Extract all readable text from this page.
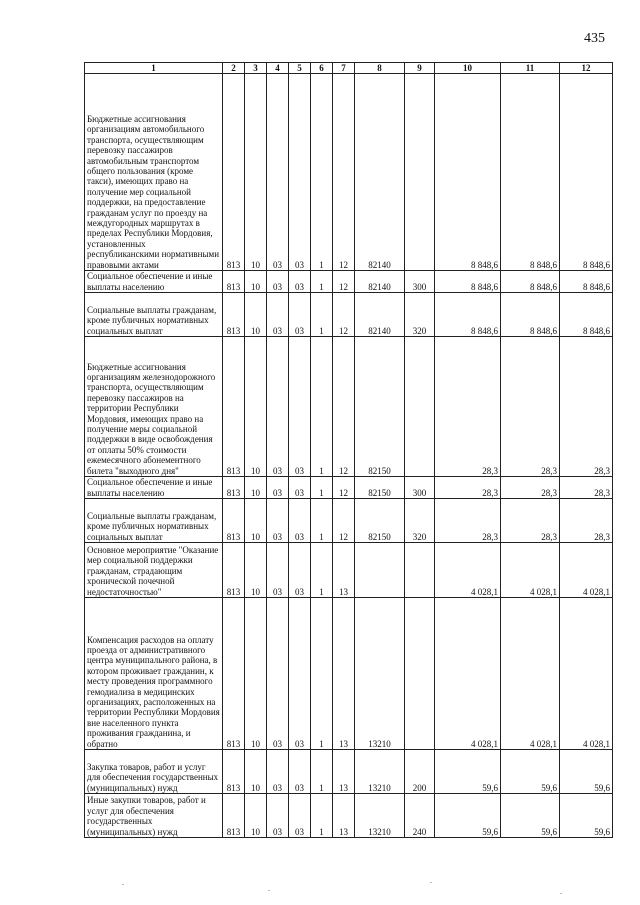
435
1	2	3	4	5	6	7	8	9	10	11	12
Бюджетные ассигнования организациям автомобильного транспорта, осуществляющим перевозку пассажиров автомобильным транспортом общего пользования (кроме такси), имеющих право на получение мер социальной поддержки, на предоставление гражданам услуг по проезду на междугородных маршрутах в пределах Республики Мордовия, установленных республиканскими нормативными правовыми актами	813	10	03	03	1	12	82140		8 848,6	8 848,6	8 848,6
Социальное обеспечение и иные выплаты населению	813	10	03	03	1	12	82140	300	8 848,6	8 848,6	8 848,6
Социальные выплаты гражданам, кроме публичных нормативных социальных выплат	813	10	03	03	1	12	82140	320	8 848,6	8 848,6	8 848,6
Бюджетные ассигнования организациям железнодорожного транспорта, осуществляющим перевозку пассажиров на территории Республики Мордовия, имеющих право на получение меры социальной поддержки в виде освобождения от оплаты 50% стоимости ежемесячного абонементного билета "выходного дня"	813	10	03	03	1	12	82150		28,3	28,3	28,3
Социальное обеспечение и иные выплаты населению	813	10	03	03	1	12	82150	300	28,3	28,3	28,3
Социальные выплаты гражданам, кроме публичных нормативных социальных выплат	813	10	03	03	1	12	82150	320	28,3	28,3	28,3
Основное мероприятие "Оказание мер социальной поддержки гражданам, страдающим хронической почечной недостаточностью"	813	10	03	03	1	13			4 028,1	4 028,1	4 028,1
Компенсация расходов на оплату проезда от административного центра муниципального района, в котором проживает гражданин, к месту проведения программного гемодиализа в медицинских организациях, расположенных на территории Республики Мордовия вне населенного пункта проживания гражданина, и обратно	813	10	03	03	1	13	13210		4 028,1	4 028,1	4 028,1
Закупка товаров, работ и услуг для обеспечения государственных (муниципальных) нужд	813	10	03	03	1	13	13210	200	59,6	59,6	59,6
Иные закупки товаров, работ и услуг для обеспечения государственных (муниципальных) нужд	813	10	03	03	1	13	13210	240	59,6	59,6	59,6
